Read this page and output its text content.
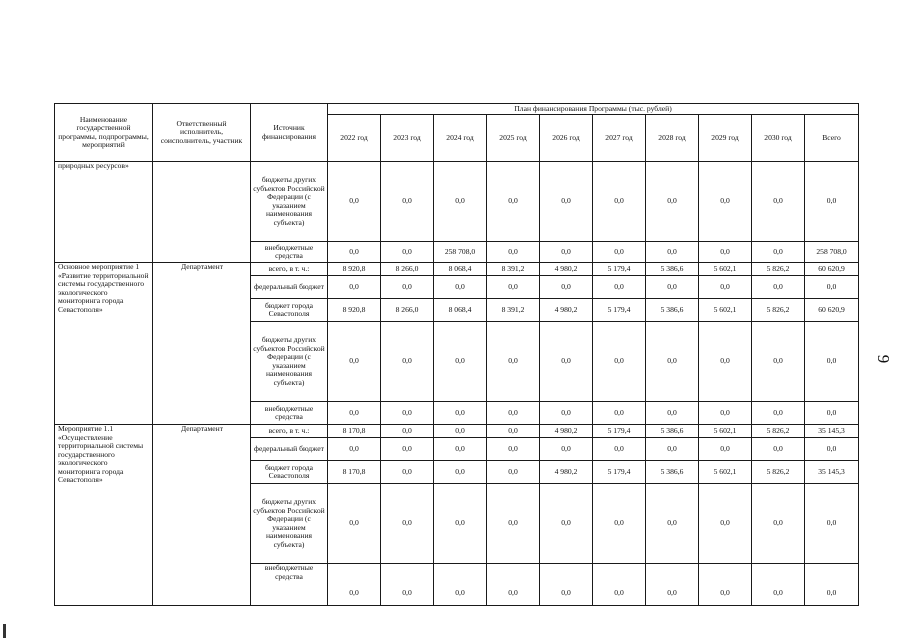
9
Наименование государственной программы, подпрограммы, мероприятий	Ответственный исполнитель, соисполнитель, участник	Источник финансирования	План финансирования Программы (тыс. рублей)									
			2022 год	2023 год	2024 год	2025 год	2026 год	2027 год	2028 год	2029 год	2030 год	Всего
природных ресурсов»		бюджеты других субъектов Российской Федерации (с указанием наименования субъекта)	0,0	0,0	0,0	0,0	0,0	0,0	0,0	0,0	0,0	0,0
		внебюджетные средства	0,0	0,0	258 708,0	0,0	0,0	0,0	0,0	0,0	0,0	258 708,0
Основное мероприятие 1 «Развитие территориальной системы государственного экологического мониторинга города Севастополя»	Департамент	всего, в т. ч.:	8 920,8	8 266,0	8 068,4	8 391,2	4 980,2	5 179,4	5 386,6	5 602,1	5 826,2	60 620,9
		федеральный бюджет	0,0	0,0	0,0	0,0	0,0	0,0	0,0	0,0	0,0	0,0
		бюджет города Севастополя	8 920,8	8 266,0	8 068,4	8 391,2	4 980,2	5 179,4	5 386,6	5 602,1	5 826,2	60 620,9
		бюджеты других субъектов Российской Федерации (с указанием наименования субъекта)	0,0	0,0	0,0	0,0	0,0	0,0	0,0	0,0	0,0	0,0
		внебюджетные средства	0,0	0,0	0,0	0,0	0,0	0,0	0,0	0,0	0,0	0,0
Мероприятие 1.1 «Осуществление территориальной системы государственного экологического мониторинга города Севастополя»	Департамент	всего, в т. ч.:	8 170,8	0,0	0,0	0,0	4 980,2	5 179,4	5 386,6	5 602,1	5 826,2	35 145,3
		федеральный бюджет	0,0	0,0	0,0	0,0	0,0	0,0	0,0	0,0	0,0	0,0
		бюджет города Севастополя	8 170,8	0,0	0,0	0,0	4 980,2	5 179,4	5 386,6	5 602,1	5 826,2	35 145,3
		бюджеты других субъектов Российской Федерации (с указанием наименования субъекта)	0,0	0,0	0,0	0,0	0,0	0,0	0,0	0,0	0,0	0,0
		внебюджетные средства	0,0	0,0	0,0	0,0	0,0	0,0	0,0	0,0	0,0	0,0
